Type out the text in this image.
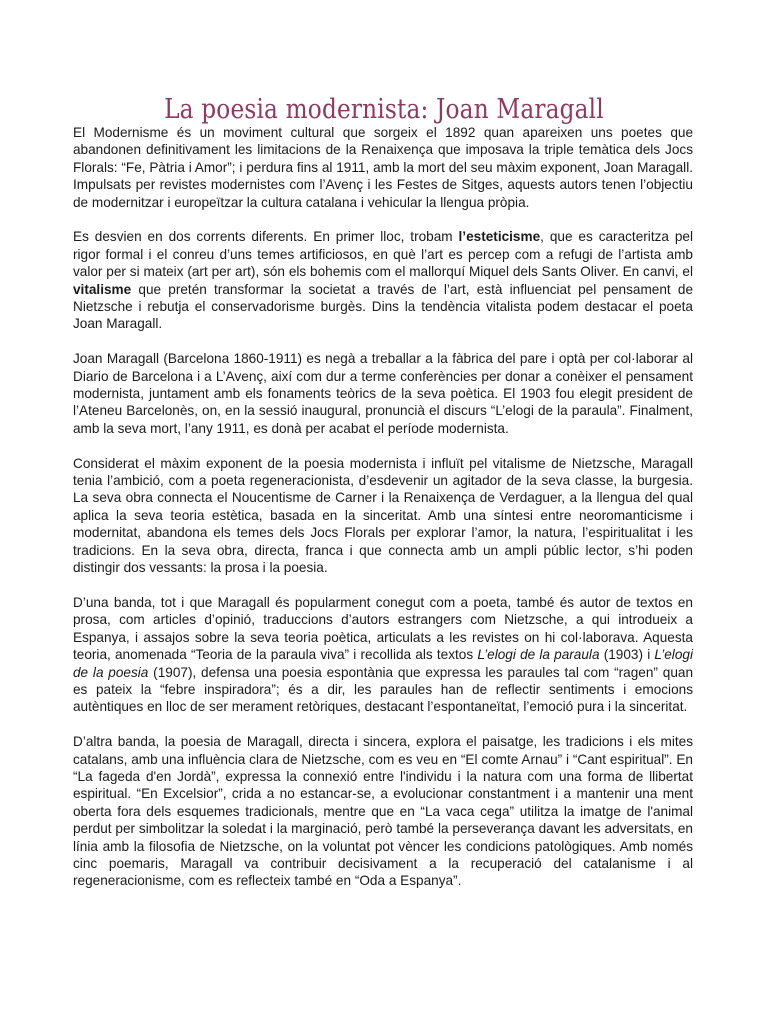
La poesia modernista: Joan Maragall

El Modernisme és un moviment cultural que sorgeix el 1892 quan apareixen uns poetes que abandonen definitivament les limitacions de la Renaixença que imposava la triple temàtica dels Jocs Florals: “Fe, Pàtria i Amor”; i perdura fins al 1911, amb la mort del seu màxim exponent, Joan Maragall. Impulsats per revistes modernistes com l’Avenç i les Festes de Sitges, aquests autors tenen l’objectiu de modernitzar i europeïtzar la cultura catalana i vehicular la llengua pròpia.

Es desvien en dos corrents diferents. En primer lloc, trobam l’esteticisme, que es caracteritza pel rigor formal i el conreu d’uns temes artificiosos, en què l’art es percep com a refugi de l’artista amb valor per si mateix (art per art), són els bohemis com el mallorquí Miquel dels Sants Oliver. En canvi, el vitalisme que pretén transformar la societat a través de l’art, està influenciat pel pensament de Nietzsche i rebutja el conservadorisme burgès. Dins la tendència vitalista podem destacar el poeta Joan Maragall.

Joan Maragall (Barcelona 1860-1911) es negà a treballar a la fàbrica del pare i optà per col·laborar al Diario de Barcelona i a L’Avenç, així com dur a terme conferències per donar a conèixer el pensament modernista, juntament amb els fonaments teòrics de la seva poètica. El 1903 fou elegit president de l’Ateneu Barcelonès, on, en la sessió inaugural, pronuncià el discurs “L’elogi de la paraula”. Finalment, amb la seva mort, l’any 1911, es donà per acabat el període modernista.

Considerat el màxim exponent de la poesia modernista i influït pel vitalisme de Nietzsche, Maragall tenia l’ambició, com a poeta regeneracionista, d’esdevenir un agitador de la seva classe, la burgesia. La seva obra connecta el Noucentisme de Carner i la Renaixença de Verdaguer, a la llengua del qual aplica la seva teoria estètica, basada en la sinceritat. Amb una síntesi entre neoromanticisme i modernitat, abandona els temes dels Jocs Florals per explorar l’amor, la natura, l’espiritualitat i les tradicions. En la seva obra, directa, franca i que connecta amb un ampli públic lector, s’hi poden distingir dos vessants: la prosa i la poesia.

D’una banda, tot i que Maragall és popularment conegut com a poeta, també és autor de textos en prosa, com articles d’opinió, traduccions d’autors estrangers com Nietzsche, a qui introdueix a Espanya, i assajos sobre la seva teoria poètica, articulats a les revistes on hi col·laborava. Aquesta teoria, anomenada “Teoria de la paraula viva” i recollida als textos L’elogi de la paraula (1903) i L’elogi de la poesia (1907), defensa una poesia espontània que expressa les paraules tal com “ragen” quan es pateix la “febre inspiradora”; és a dir, les paraules han de reflectir sentiments i emocions autèntiques en lloc de ser merament retòriques, destacant l’espontaneïtat, l’emoció pura i la sinceritat.

D’altra banda, la poesia de Maragall, directa i sincera, explora el paisatge, les tradicions i els mites catalans, amb una influència clara de Nietzsche, com es veu en “El comte Arnau” i “Cant espiritual”. En “La fageda d'en Jordà”, expressa la connexió entre l'individu i la natura com una forma de llibertat espiritual. “En Excelsior”, crida a no estancar-se, a evolucionar constantment i a mantenir una ment oberta fora dels esquemes tradicionals, mentre que en “La vaca cega” utilitza la imatge de l'animal perdut per simbolitzar la soledat i la marginació, però també la perseverança davant les adversitats, en línia amb la filosofia de Nietzsche, on la voluntat pot vèncer les condicions patològiques. Amb només cinc poemaris, Maragall va contribuir decisivament a la recuperació del catalanisme i al regeneracionisme, com es reflecteix també en “Oda a Espanya”.
